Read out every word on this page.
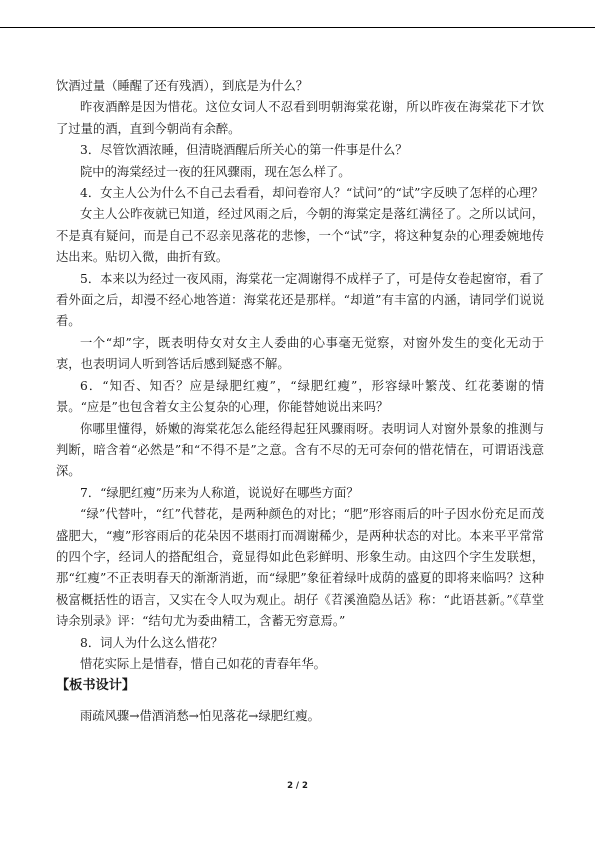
饮酒过量（睡醒了还有残酒），到底是为什么？

昨夜酒醉是因为惜花。这位女词人不忍看到明朝海棠花谢，所以昨夜在海棠花下才饮了过量的酒，直到今朝尚有余醉。

3．尽管饮酒浓睡，但清晓酒醒后所关心的第一件事是什么？

院中的海棠经过一夜的狂风骤雨，现在怎么样了。

4．女主人公为什么不自己去看看，却问卷帘人？“试问”的“试”字反映了怎样的心理？

女主人公昨夜就已知道，经过风雨之后，今朝的海棠定是落红满径了。之所以试问，不是真有疑问，而是自己不忍亲见落花的悲惨，一个“试”字，将这种复杂的心理委婉地传达出来。贴切入微，曲折有致。

5．本来以为经过一夜风雨，海棠花一定凋谢得不成样子了，可是侍女卷起窗帘，看了看外面之后，却漫不经心地答道：海棠花还是那样。“却道”有丰富的内涵，请同学们说说看。

一个“却”字，既表明侍女对女主人委曲的心事毫无觉察，对窗外发生的变化无动于衷，也表明词人听到答话后感到疑惑不解。

6．“知否、知否？应是绿肥红瘦”，“绿肥红瘦”，形容绿叶繁茂、红花萎谢的情景。“应是”也包含着女主公复杂的心理，你能替她说出来吗？

你哪里懂得，娇嫩的海棠花怎么能经得起狂风骤雨呀。表明词人对窗外景象的推测与判断，暗含着“必然是”和“不得不是”之意。含有不尽的无可奈何的惜花情在，可谓语浅意深。

7．“绿肥红瘦”历来为人称道，说说好在哪些方面？

“绿”代替叶，“红”代替花，是两种颜色的对比；“肥”形容雨后的叶子因水份充足而茂盛肥大，“瘦”形容雨后的花朵因不堪雨打而凋谢稀少，是两种状态的对比。本来平平常常的四个字，经词人的搭配组合，竟显得如此色彩鲜明、形象生动。由这四个字生发联想，那“红瘦”不正表明春天的渐渐消逝，而“绿肥”象征着绿叶成荫的盛夏的即将来临吗？这种极富概括性的语言，又实在令人叹为观止。胡仔《苕溪渔隐丛话》称：“此语甚新。”《草堂诗余别录》评：“结句尤为委曲精工，含蓄无穷意焉。”

8．词人为什么这么惜花？

惜花实际上是惜春，惜自己如花的青春年华。

【板书设计】

雨疏风骤→借酒消愁→怕见落花→绿肥红瘦。

2 / 2
